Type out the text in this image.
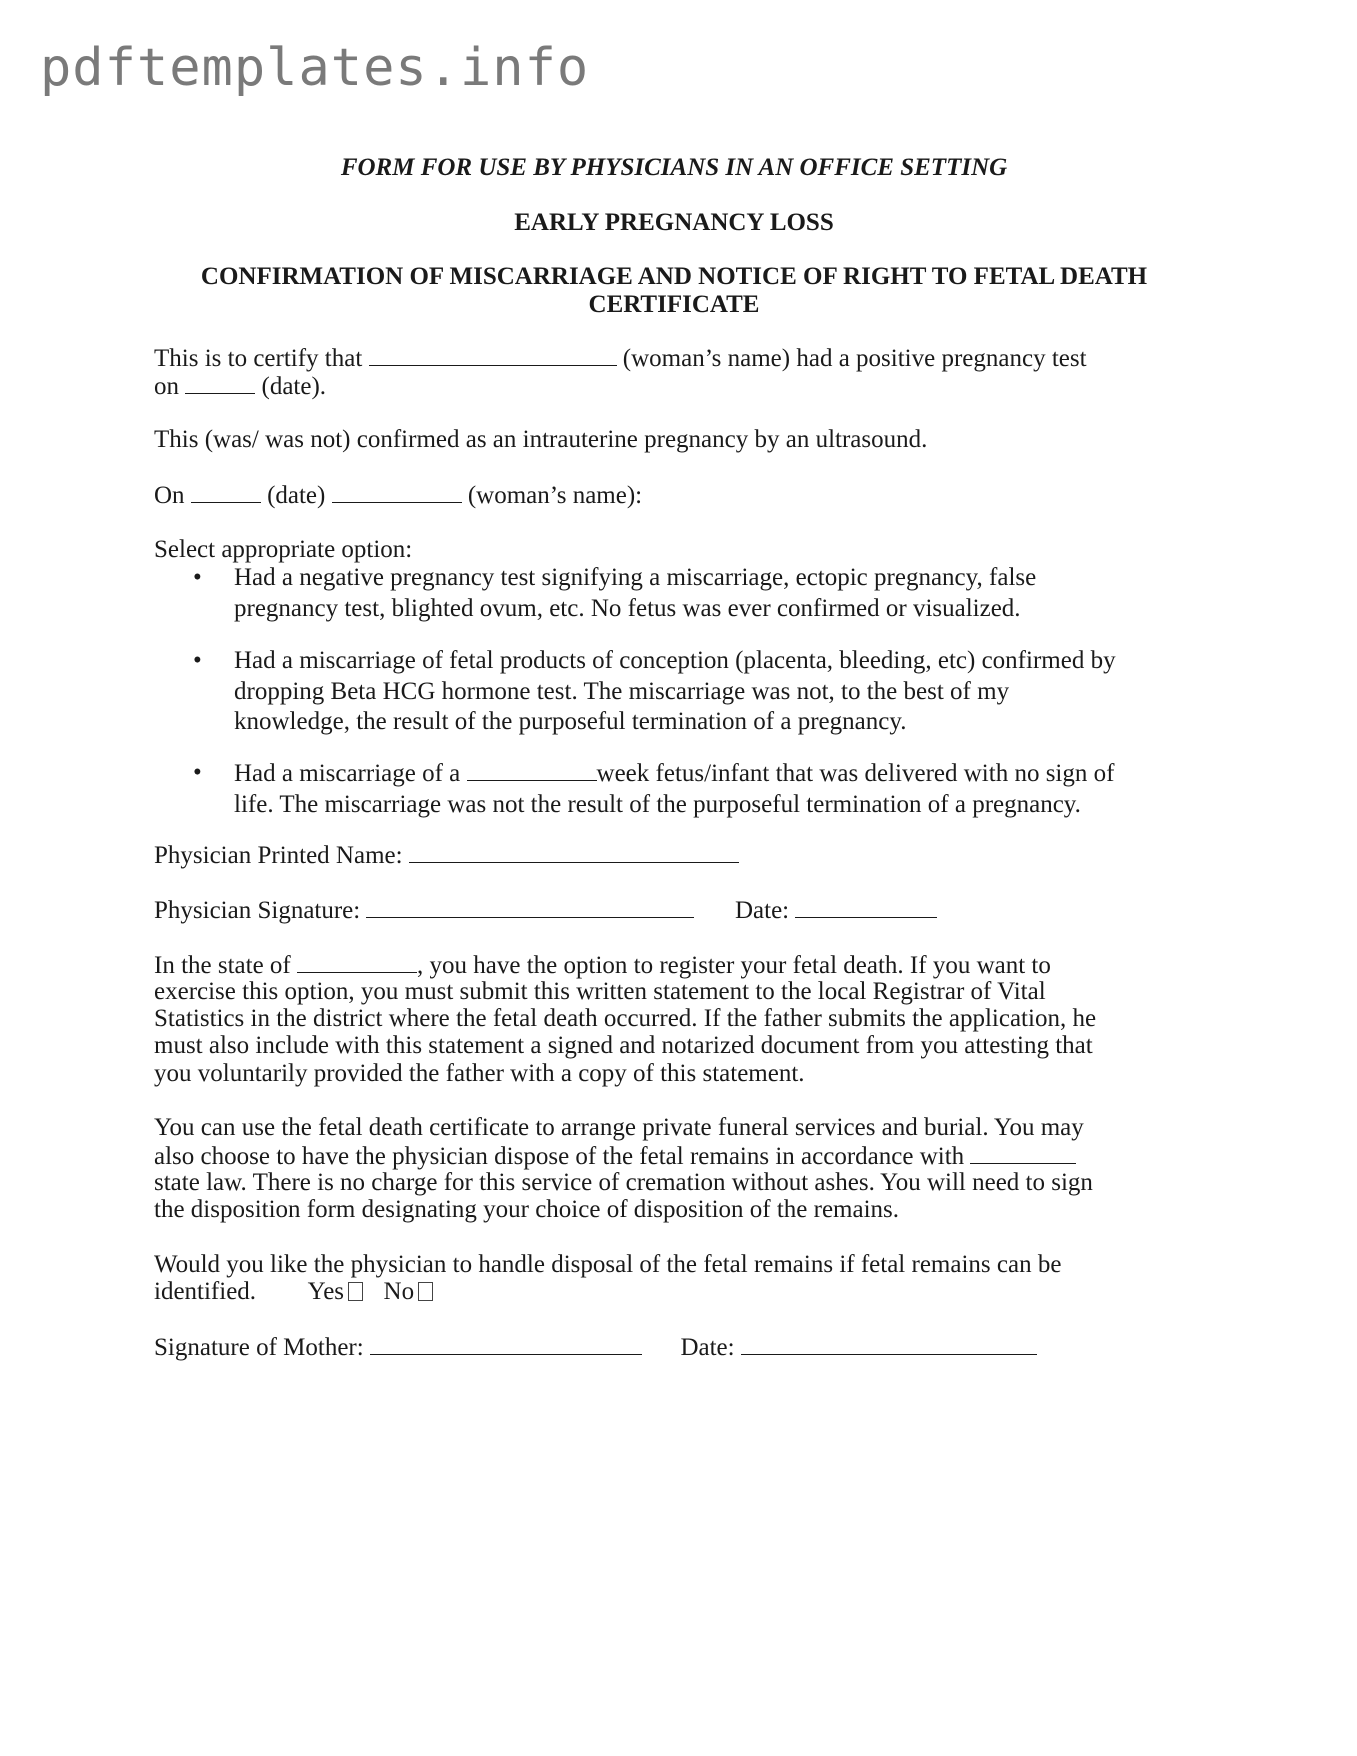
pdftemplates.info
FORM FOR USE BY PHYSICIANS IN AN OFFICE SETTING
EARLY PREGNANCY LOSS
CONFIRMATION OF MISCARRIAGE AND NOTICE OF RIGHT TO FETAL DEATH
CERTIFICATE
This is to certify that	(woman’s name) had a positive pregnancy test
on	(date).
This (was/ was not) confirmed as an intrauterine pregnancy by an ultrasound.
On	(date)	(woman’s name):
Select appropriate option:
• Had a negative pregnancy test signifying a miscarriage, ectopic pregnancy, false
pregnancy test, blighted ovum, etc. No fetus was ever confirmed or visualized.
• Had a miscarriage of fetal products of conception (placenta, bleeding, etc) confirmed by
dropping Beta HCG hormone test. The miscarriage was not, to the best of my
knowledge, the result of the purposeful termination of a pregnancy.
• Had a miscarriage of a	week fetus/infant that was delivered with no sign of
life. The miscarriage was not the result of the purposeful termination of a pregnancy.
Physician Printed Name:
Physician Signature:	Date:
In the state of	, you have the option to register your fetal death. If you want to
exercise this option, you must submit this written statement to the local Registrar of Vital
Statistics in the district where the fetal death occurred. If the father submits the application, he
must also include with this statement a signed and notarized document from you attesting that
you voluntarily provided the father with a copy of this statement.
You can use the fetal death certificate to arrange private funeral services and burial. You may
also choose to have the physician dispose of the fetal remains in accordance with
state law. There is no charge for this service of cremation without ashes. You will need to sign
the disposition form designating your choice of disposition of the remains.
Would you like the physician to handle disposal of the fetal remains if fetal remains can be
identified. Yes No
Signature of Mother:	Date:
